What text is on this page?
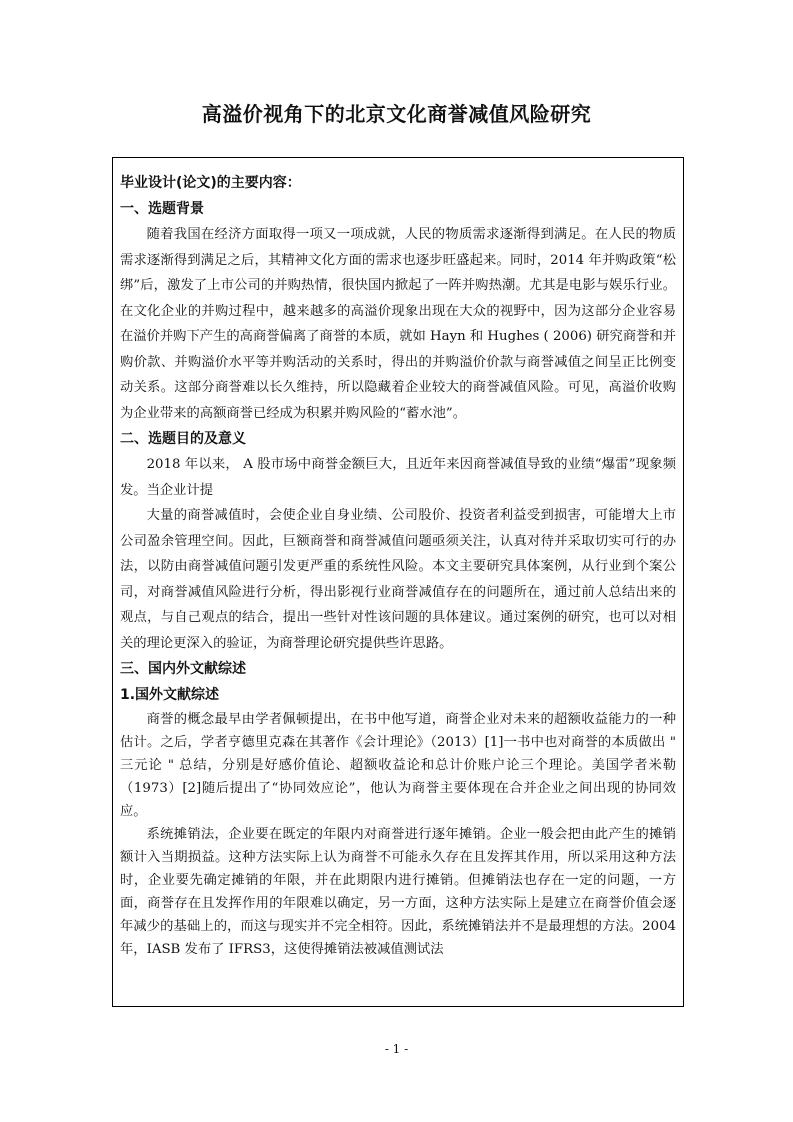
高溢价视角下的北京文化商誉减值风险研究
毕业设计(论文)的主要内容：
一、选题背景

随着我国在经济方面取得一项又一项成就，人民的物质需求逐渐得到满足。在人民的物质需求逐渐得到满足之后，其精神文化方面的需求也逐步旺盛起来。同时，2014 年并购政策“松绑”后，激发了上市公司的并购热情，很快国内掀起了一阵并购热潮。尤其是电影与娱乐行业。在文化企业的并购过程中，越来越多的高溢价现象出现在大众的视野中，因为这部分企业容易在溢价并购下产生的高商誉偏离了商誉的本质，就如 Hayn 和 Hughes ( 2006) 研究商誉和并购价款、并购溢价水平等并购活动的关系时，得出的并购溢价价款与商誉减值之间呈正比例变动关系。这部分商誉难以长久维持，所以隐藏着企业较大的商誉减值风险。可见，高溢价收购为企业带来的高额商誉已经成为积累并购风险的“蓄水池”。

二、选题目的及意义

2018 年以来， A 股市场中商誉金额巨大，且近年来因商誉减值导致的业绩“爆雷”现象频发。当企业计提

大量的商誉减值时，会使企业自身业绩、公司股价、投资者利益受到损害，可能增大上市公司盈余管理空间。因此，巨额商誉和商誉减值问题亟须关注，认真对待并采取切实可行的办法，以防由商誉减值问题引发更严重的系统性风险。本文主要研究具体案例，从行业到个案公司，对商誉减值风险进行分析，得出影视行业商誉减值存在的问题所在，通过前人总结出来的观点，与自己观点的结合，提出一些针对性该问题的具体建议。通过案例的研究，也可以对相关的理论更深入的验证，为商誉理论研究提供些许思路。

三、国内外文献综述
1.国外文献综述

商誉的概念最早由学者佩顿提出，在书中他写道，商誉企业对未来的超额收益能力的一种估计。之后，学者亨德里克森在其著作《会计理论》（2013）[1]一书中也对商誉的本质做出 " 三元论 " 总结，分别是好感价值论、超额收益论和总计价账户论三个理论。美国学者米勒（1973）[2]随后提出了“协同效应论”，他认为商誉主要体现在合并企业之间出现的协同效应。

系统摊销法，企业要在既定的年限内对商誉进行逐年摊销。企业一般会把由此产生的摊销额计入当期损益。这种方法实际上认为商誉不可能永久存在且发挥其作用，所以采用这种方法时，企业要先确定摊销的年限，并在此期限内进行摊销。但摊销法也存在一定的问题，一方面，商誉存在且发挥作用的年限难以确定，另一方面，这种方法实际上是建立在商誉价值会逐年减少的基础上的，而这与现实并不完全相符。因此，系统摊销法并不是最理想的方法。2004 年，IASB 发布了 IFRS3，这使得摊销法被减值测试法

- 1 -
